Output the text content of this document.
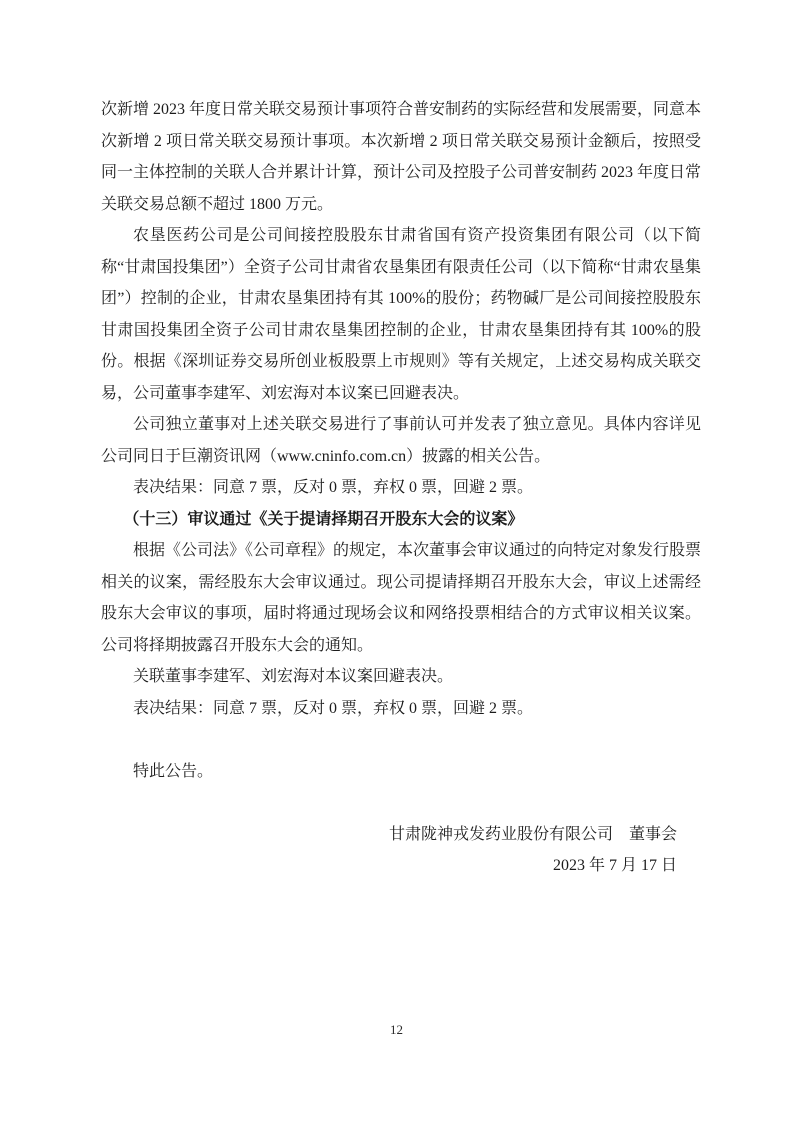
次新增 2023 年度日常关联交易预计事项符合普安制药的实际经营和发展需要，同意本次新增 2 项日常关联交易预计事项。本次新增 2 项日常关联交易预计金额后，按照受同一主体控制的关联人合并累计计算，预计公司及控股子公司普安制药 2023 年度日常关联交易总额不超过 1800 万元。

农垦医药公司是公司间接控股股东甘肃省国有资产投资集团有限公司（以下简称“甘肃国投集团”）全资子公司甘肃省农垦集团有限责任公司（以下简称“甘肃农垦集团”）控制的企业，甘肃农垦集团持有其 100%的股份；药物碱厂是公司间接控股股东甘肃国投集团全资子公司甘肃农垦集团控制的企业，甘肃农垦集团持有其 100%的股份。根据《深圳证券交易所创业板股票上市规则》等有关规定，上述交易构成关联交易，公司董事李建军、刘宏海对本议案已回避表决。

公司独立董事对上述关联交易进行了事前认可并发表了独立意见。具体内容详见公司同日于巨潮资讯网（www.cninfo.com.cn）披露的相关公告。

表决结果：同意 7 票，反对 0 票，弃权 0 票，回避 2 票。

（十三）审议通过《关于提请择期召开股东大会的议案》

根据《公司法》《公司章程》的规定，本次董事会审议通过的向特定对象发行股票相关的议案，需经股东大会审议通过。现公司提请择期召开股东大会，审议上述需经股东大会审议的事项，届时将通过现场会议和网络投票相结合的方式审议相关议案。公司将择期披露召开股东大会的通知。

关联董事李建军、刘宏海对本议案回避表决。

表决结果：同意 7 票，反对 0 票，弃权 0 票，回避 2 票。

特此公告。

甘肃陇神戎发药业股份有限公司　董事会

2023 年 7 月 17 日

12
